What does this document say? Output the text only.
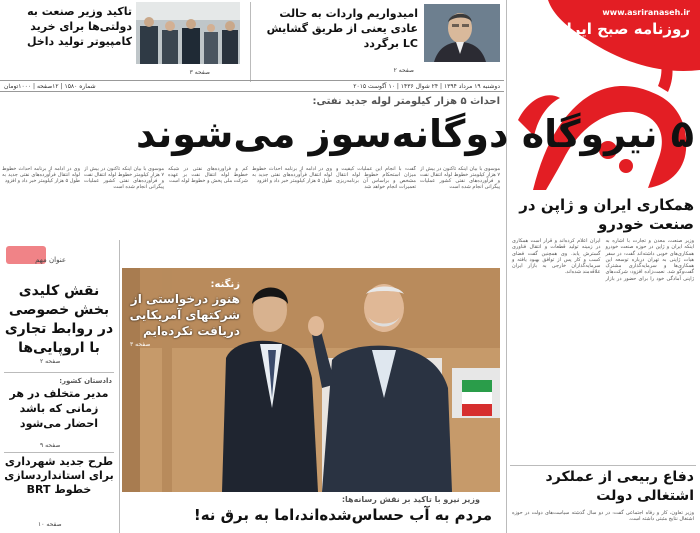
www.asriranaseh.ir
روزنامه صبح ایران
همکاری ایران و ژاپن در صنعت خودرو
وزیر صنعت، معدن و تجارت با اشاره به اینکه ایران و ژاپن در حوزه صنعت خودرو همکاری‌های خوبی داشته‌اند گفت: در سفر هیات ژاپنی به تهران درباره توسعه این همکاری‌ها و سرمایه‌گذاری مشترک گفت‌وگو شد. نعمت‌زاده افزود: شرکت‌های ژاپنی آمادگی خود را برای حضور در بازار ایران اعلام کرده‌اند و قرار است همکاری در زمینه تولید قطعات و انتقال فناوری گسترش یابد. وی همچنین گفت فضای کسب و کار پس از توافق بهبود یافته و سرمایه‌گذاران خارجی به بازار ایران علاقه‌مند شده‌اند.
دفاع ربیعی از عملکرد اشتغالی دولت
وزیر تعاون، کار و رفاه اجتماعی گفت: در دو سال گذشته سیاست‌های دولت در حوزه اشتغال نتایج مثبتی داشته است.
امیدواریم واردات به حالت عادی یعنی از طریق گشایش LC برگردد
صفحه ۲
تاکید وزیر صنعت به دولتی‌ها برای خرید کامپیوتر تولید داخل
صفحه ۳
دوشنبه ۱۹ مرداد ۱۳۹۴ | ۲۴ شوال ۱۴۳۶ | ۱۰ آگوست ۲۰۱۵
شماره ۱۵۸۰ | ۱۲صفحه | ۱۰۰۰تومان
احداث ۵ هزار کیلومتر لوله جدید نفتی:
۵ نیروگاه دوگانه‌سوز می‌شوند
موسوی با بیان اینکه تاکنون در بیش از ۷ هزار کیلومتر خطوط لوله انتقال نفت و فرآورده‌های نفتی کشور عملیات پیگرانی انجام شده است
گفت: با انجام این عملیات کیفیت و میزان استحکام خطوط لوله انتقال مشخص و براساس آن برنامه‌ریزی تعمیرات انجام خواهد شد
وی در ادامه از برنامه احداث خطوط لوله انتقال فرآورده‌های نفتی جدید به طول ۵ هزار کیلومتر خبر داد و افزود
کم و فرآورده‌های نفتی در شبکه خطوط لوله انتقال نفت بر عهده شرکت ملی پخش و خطوط لوله است
موسوی با بیان اینکه تاکنون در بیش از ۷ هزار کیلومتر خطوط لوله انتقال نفت و فرآورده‌های نفتی کشور عملیات پیگرانی انجام شده است
وی در ادامه از برنامه احداث خطوط لوله انتقال فرآورده‌های نفتی جدید به طول ۵ هزار کیلومتر خبر داد و افزود
عنوان مهم
نقش کلیدی بخش خصوصی در روابط تجاری با اروپایی‌ها
صفحه ۲
دادستان کشور:
مدیر متخلف در هر زمانی که باشد احضار می‌شود
صفحه ۹
طرح جدید شهرداری برای استانداردسازی خطوط BRT
صفحه ۱۰
زنگنه:
هنوز درخواستی از شرکتهای آمریکایی دریافت نکرده‌ایم
صفحه ۳
وزیر نیرو با تاکید بر نقش رسانه‌ها:
مردم به آب حساس‌شده‌اند،اما به برق نه!
